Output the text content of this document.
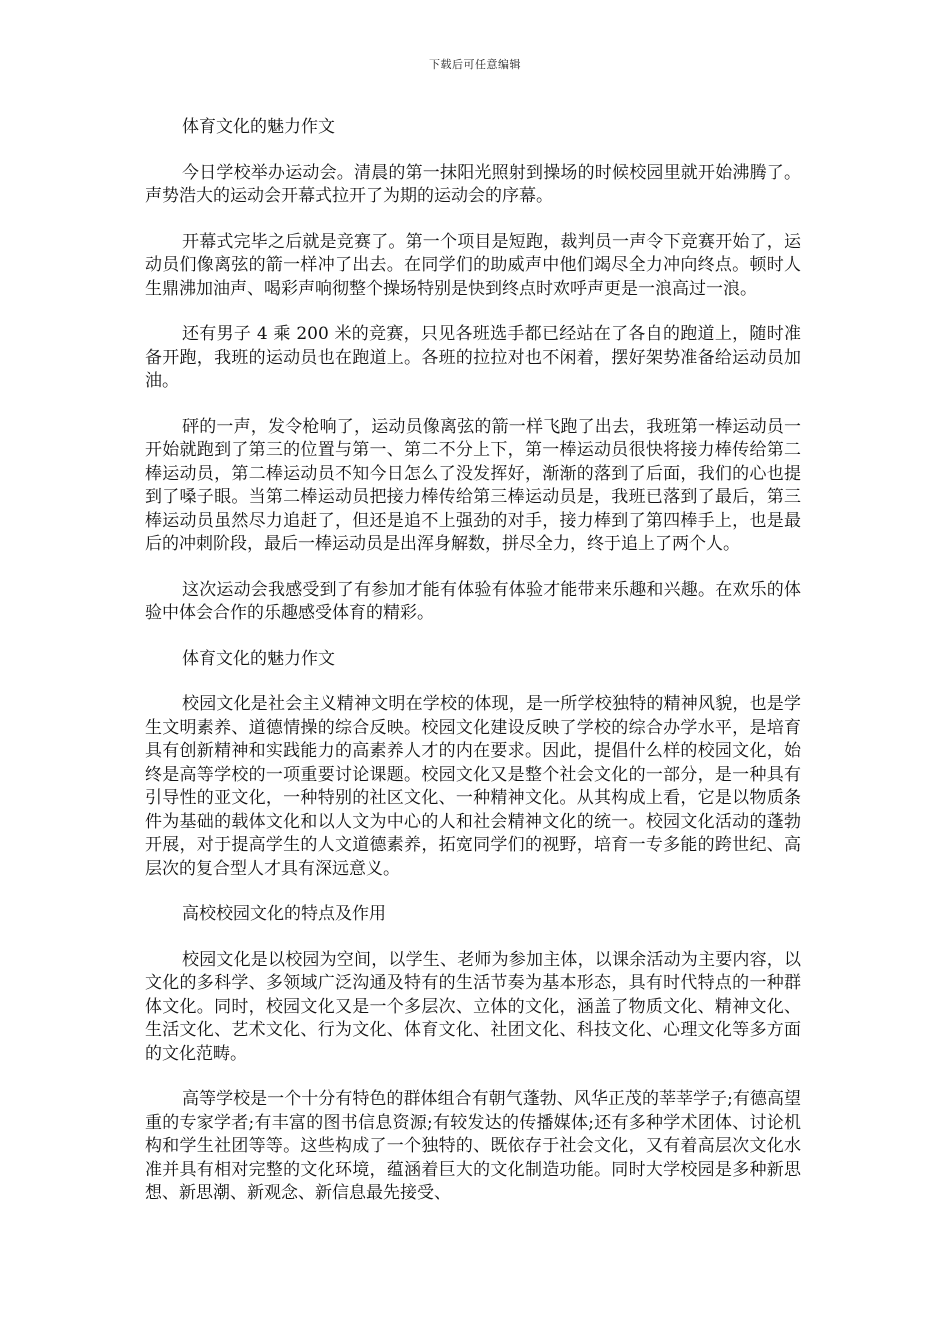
下载后可任意编辑

体育文化的魅力作文

今日学校举办运动会。清晨的第一抹阳光照射到操场的时候校园里就开始沸腾了。声势浩大的运动会开幕式拉开了为期的运动会的序幕。

开幕式完毕之后就是竞赛了。第一个项目是短跑，裁判员一声令下竞赛开始了，运动员们像离弦的箭一样冲了出去。在同学们的助威声中他们竭尽全力冲向终点。顿时人生鼎沸加油声、喝彩声响彻整个操场特别是快到终点时欢呼声更是一浪高过一浪。

还有男子 4 乘 200 米的竞赛，只见各班选手都已经站在了各自的跑道上，随时准备开跑，我班的运动员也在跑道上。各班的拉拉对也不闲着，摆好架势准备给运动员加油。

砰的一声，发令枪响了，运动员像离弦的箭一样飞跑了出去，我班第一棒运动员一开始就跑到了第三的位置与第一、第二不分上下，第一棒运动员很快将接力棒传给第二棒运动员，第二棒运动员不知今日怎么了没发挥好，渐渐的落到了后面，我们的心也提到了嗓子眼。当第二棒运动员把接力棒传给第三棒运动员是，我班已落到了最后，第三棒运动员虽然尽力追赶了，但还是追不上强劲的对手，接力棒到了第四棒手上，也是最后的冲刺阶段，最后一棒运动员是出浑身解数，拼尽全力，终于追上了两个人。

这次运动会我感受到了有参加才能有体验有体验才能带来乐趣和兴趣。在欢乐的体验中体会合作的乐趣感受体育的精彩。

体育文化的魅力作文

校园文化是社会主义精神文明在学校的体现，是一所学校独特的精神风貌，也是学生文明素养、道德情操的综合反映。校园文化建设反映了学校的综合办学水平，是培育具有创新精神和实践能力的高素养人才的内在要求。因此，提倡什么样的校园文化，始终是高等学校的一项重要讨论课题。校园文化又是整个社会文化的一部分，是一种具有引导性的亚文化，一种特别的社区文化、一种精神文化。从其构成上看，它是以物质条件为基础的载体文化和以人文为中心的人和社会精神文化的统一。校园文化活动的蓬勃开展，对于提高学生的人文道德素养，拓宽同学们的视野，培育一专多能的跨世纪、高层次的复合型人才具有深远意义。

高校校园文化的特点及作用

校园文化是以校园为空间，以学生、老师为参加主体，以课余活动为主要内容，以文化的多科学、多领域广泛沟通及特有的生活节奏为基本形态，具有时代特点的一种群体文化。同时，校园文化又是一个多层次、立体的文化，涵盖了物质文化、精神文化、生活文化、艺术文化、行为文化、体育文化、社团文化、科技文化、心理文化等多方面的文化范畴。

高等学校是一个十分有特色的群体组合有朝气蓬勃、风华正茂的莘莘学子;有德高望重的专家学者;有丰富的图书信息资源;有较发达的传播媒体;还有多种学术团体、讨论机构和学生社团等等。这些构成了一个独特的、既依存于社会文化，又有着高层次文化水准并具有相对完整的文化环境，蕴涵着巨大的文化制造功能。同时大学校园是多种新思想、新思潮、新观念、新信息最先接受、
